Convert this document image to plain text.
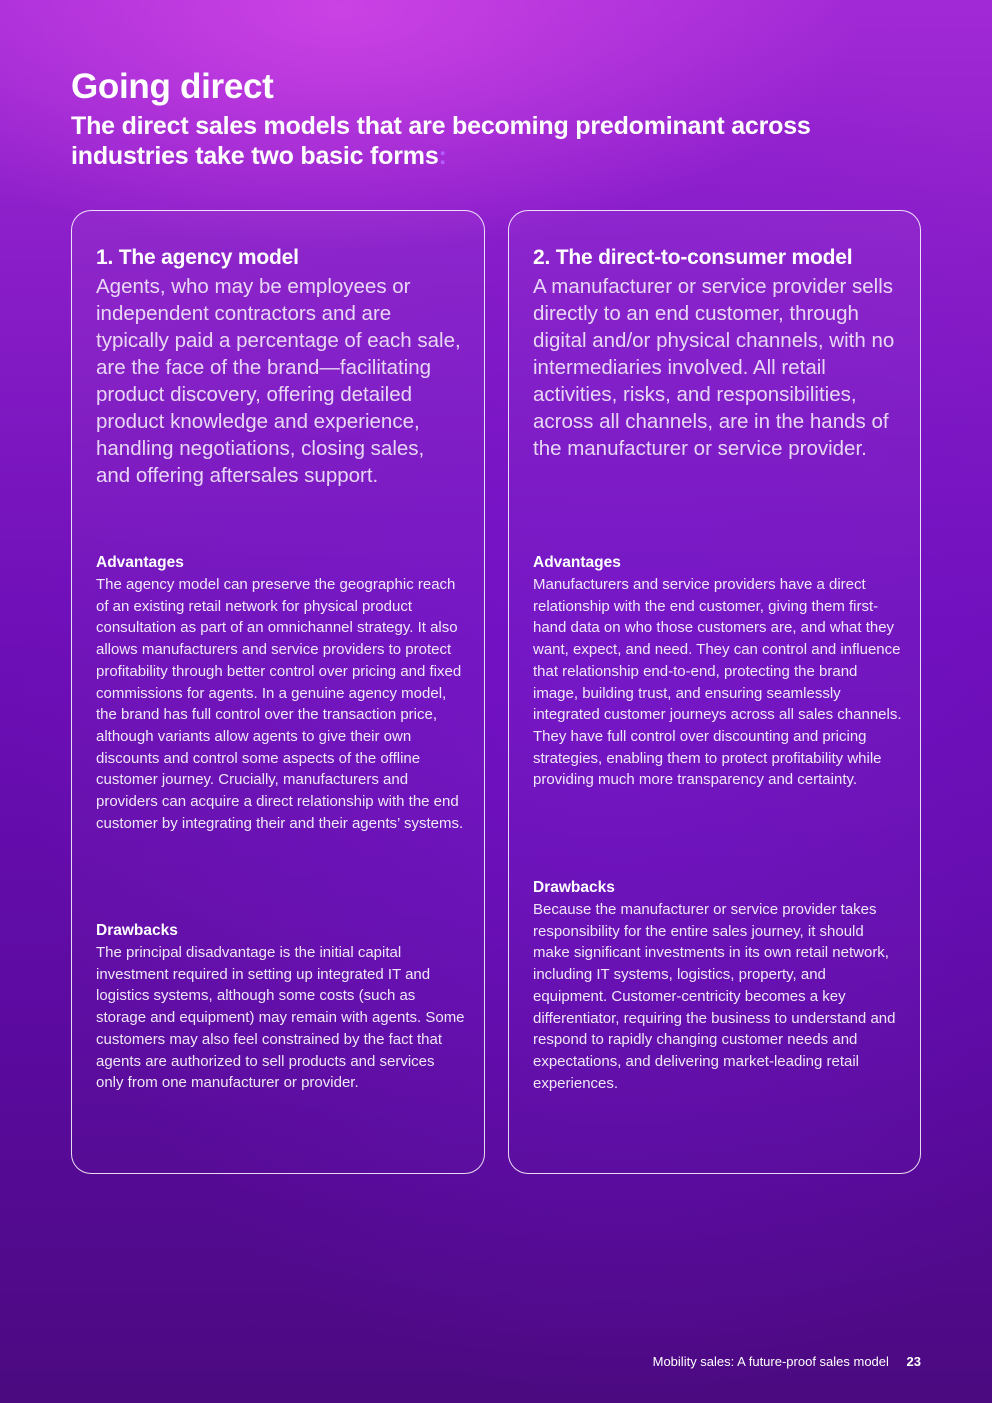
Going direct
The direct sales models that are becoming predominant across industries take two basic forms:
1. The agency model

Agents, who may be employees or independent contractors and are typically paid a percentage of each sale, are the face of the brand—facilitating product discovery, offering detailed product knowledge and experience, handling negotiations, closing sales, and offering aftersales support.

Advantages

The agency model can preserve the geographic reach of an existing retail network for physical product consultation as part of an omnichannel strategy. It also allows manufacturers and service providers to protect profitability through better control over pricing and fixed commissions for agents. In a genuine agency model, the brand has full control over the transaction price, although variants allow agents to give their own discounts and control some aspects of the offline customer journey. Crucially, manufacturers and providers can acquire a direct relationship with the end customer by integrating their and their agents’ systems.

Drawbacks

The principal disadvantage is the initial capital investment required in setting up integrated IT and logistics systems, although some costs (such as storage and equipment) may remain with agents. Some customers may also feel constrained by the fact that agents are authorized to sell products and services only from one manufacturer or provider.

2. The direct-to-consumer model

A manufacturer or service provider sells directly to an end customer, through digital and/or physical channels, with no intermediaries involved. All retail activities, risks, and responsibilities, across all channels, are in the hands of the manufacturer or service provider.

Advantages

Manufacturers and service providers have a direct relationship with the end customer, giving them first-hand data on who those customers are, and what they want, expect, and need. They can control and influence that relationship end-to-end, protecting the brand image, building trust, and ensuring seamlessly integrated customer journeys across all sales channels. They have full control over discounting and pricing strategies, enabling them to protect profitability while providing much more transparency and certainty.

Drawbacks

Because the manufacturer or service provider takes responsibility for the entire sales journey, it should make significant investments in its own retail network, including IT systems, logistics, property, and equipment. Customer-centricity becomes a key differentiator, requiring the business to understand and respond to rapidly changing customer needs and expectations, and delivering market-leading retail experiences.

Mobility sales: A future-proof sales model 23
